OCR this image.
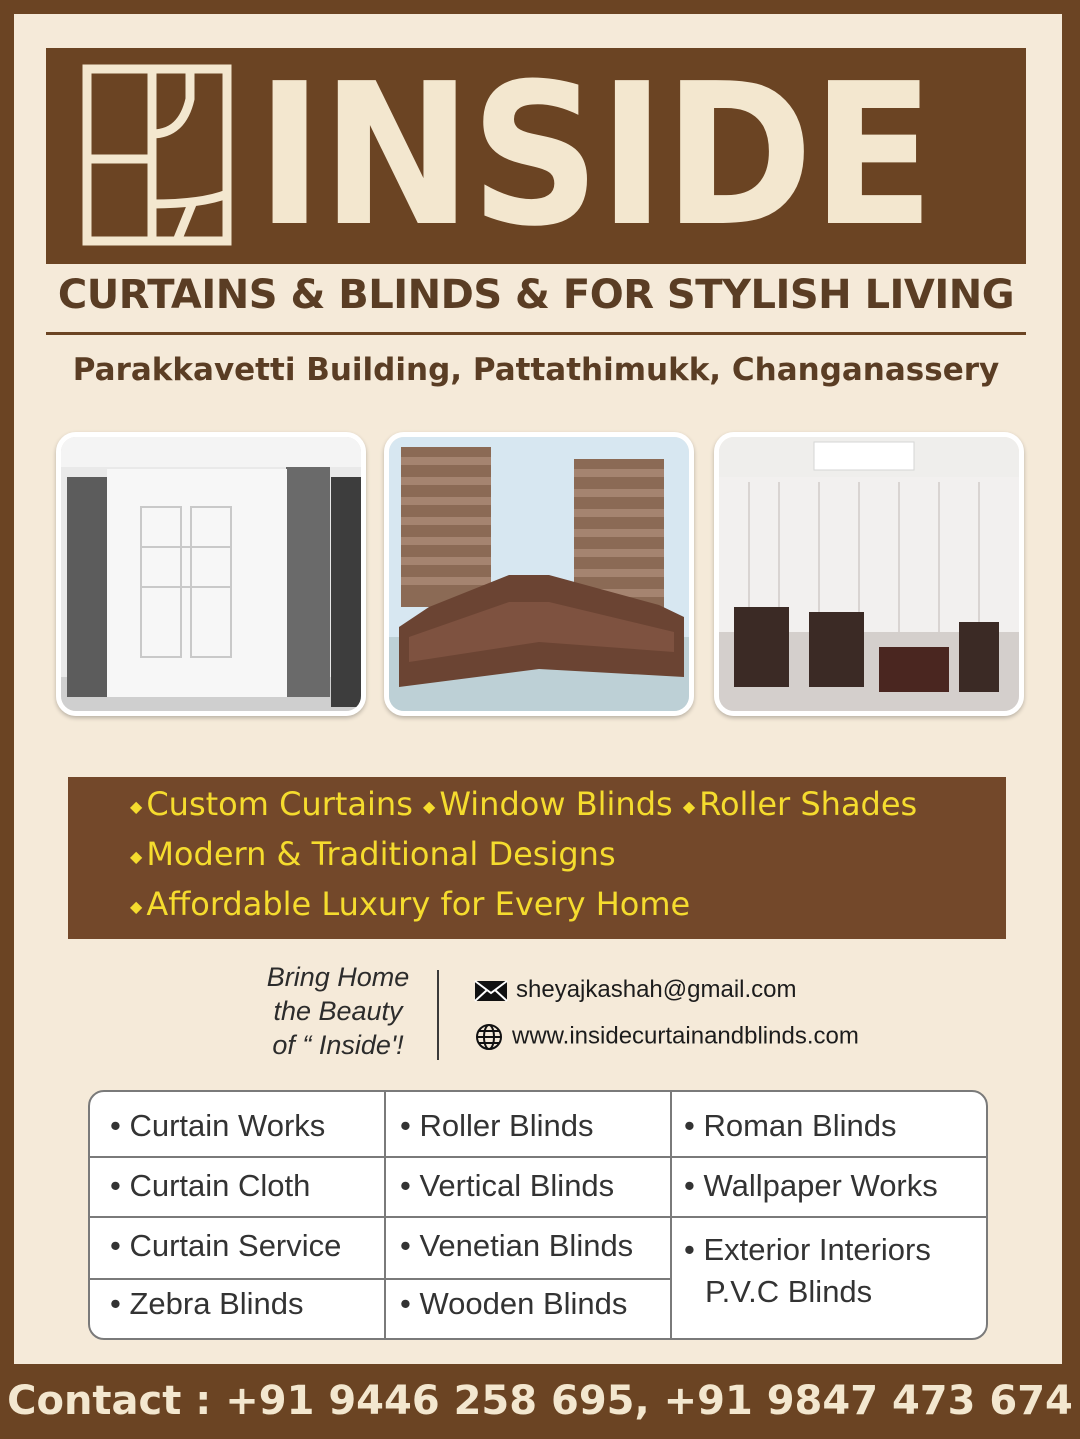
INSIDE
CURTAINS & BLINDS & FOR STYLISH LIVING
Parakkavetti Building, Pattathimukk, Changanassery
◆ Custom Curtains ◆ Window Blinds ◆ Roller Shades
◆ Modern & Traditional Designs
◆ Affordable Luxury for Every Home
Bring Home
the Beauty
of “ Inside'!
sheyajkashah@gmail.com
www.insidecurtainandblinds.com
• Curtain Works
• Curtain Cloth
• Curtain Service
• Zebra Blinds
• Roller Blinds
• Vertical Blinds
• Venetian Blinds
• Wooden Blinds
• Roman Blinds
• Wallpaper Works
• Exterior Interiors
P.V.C Blinds
Contact : +91 9446 258 695, +91 9847 473 674
